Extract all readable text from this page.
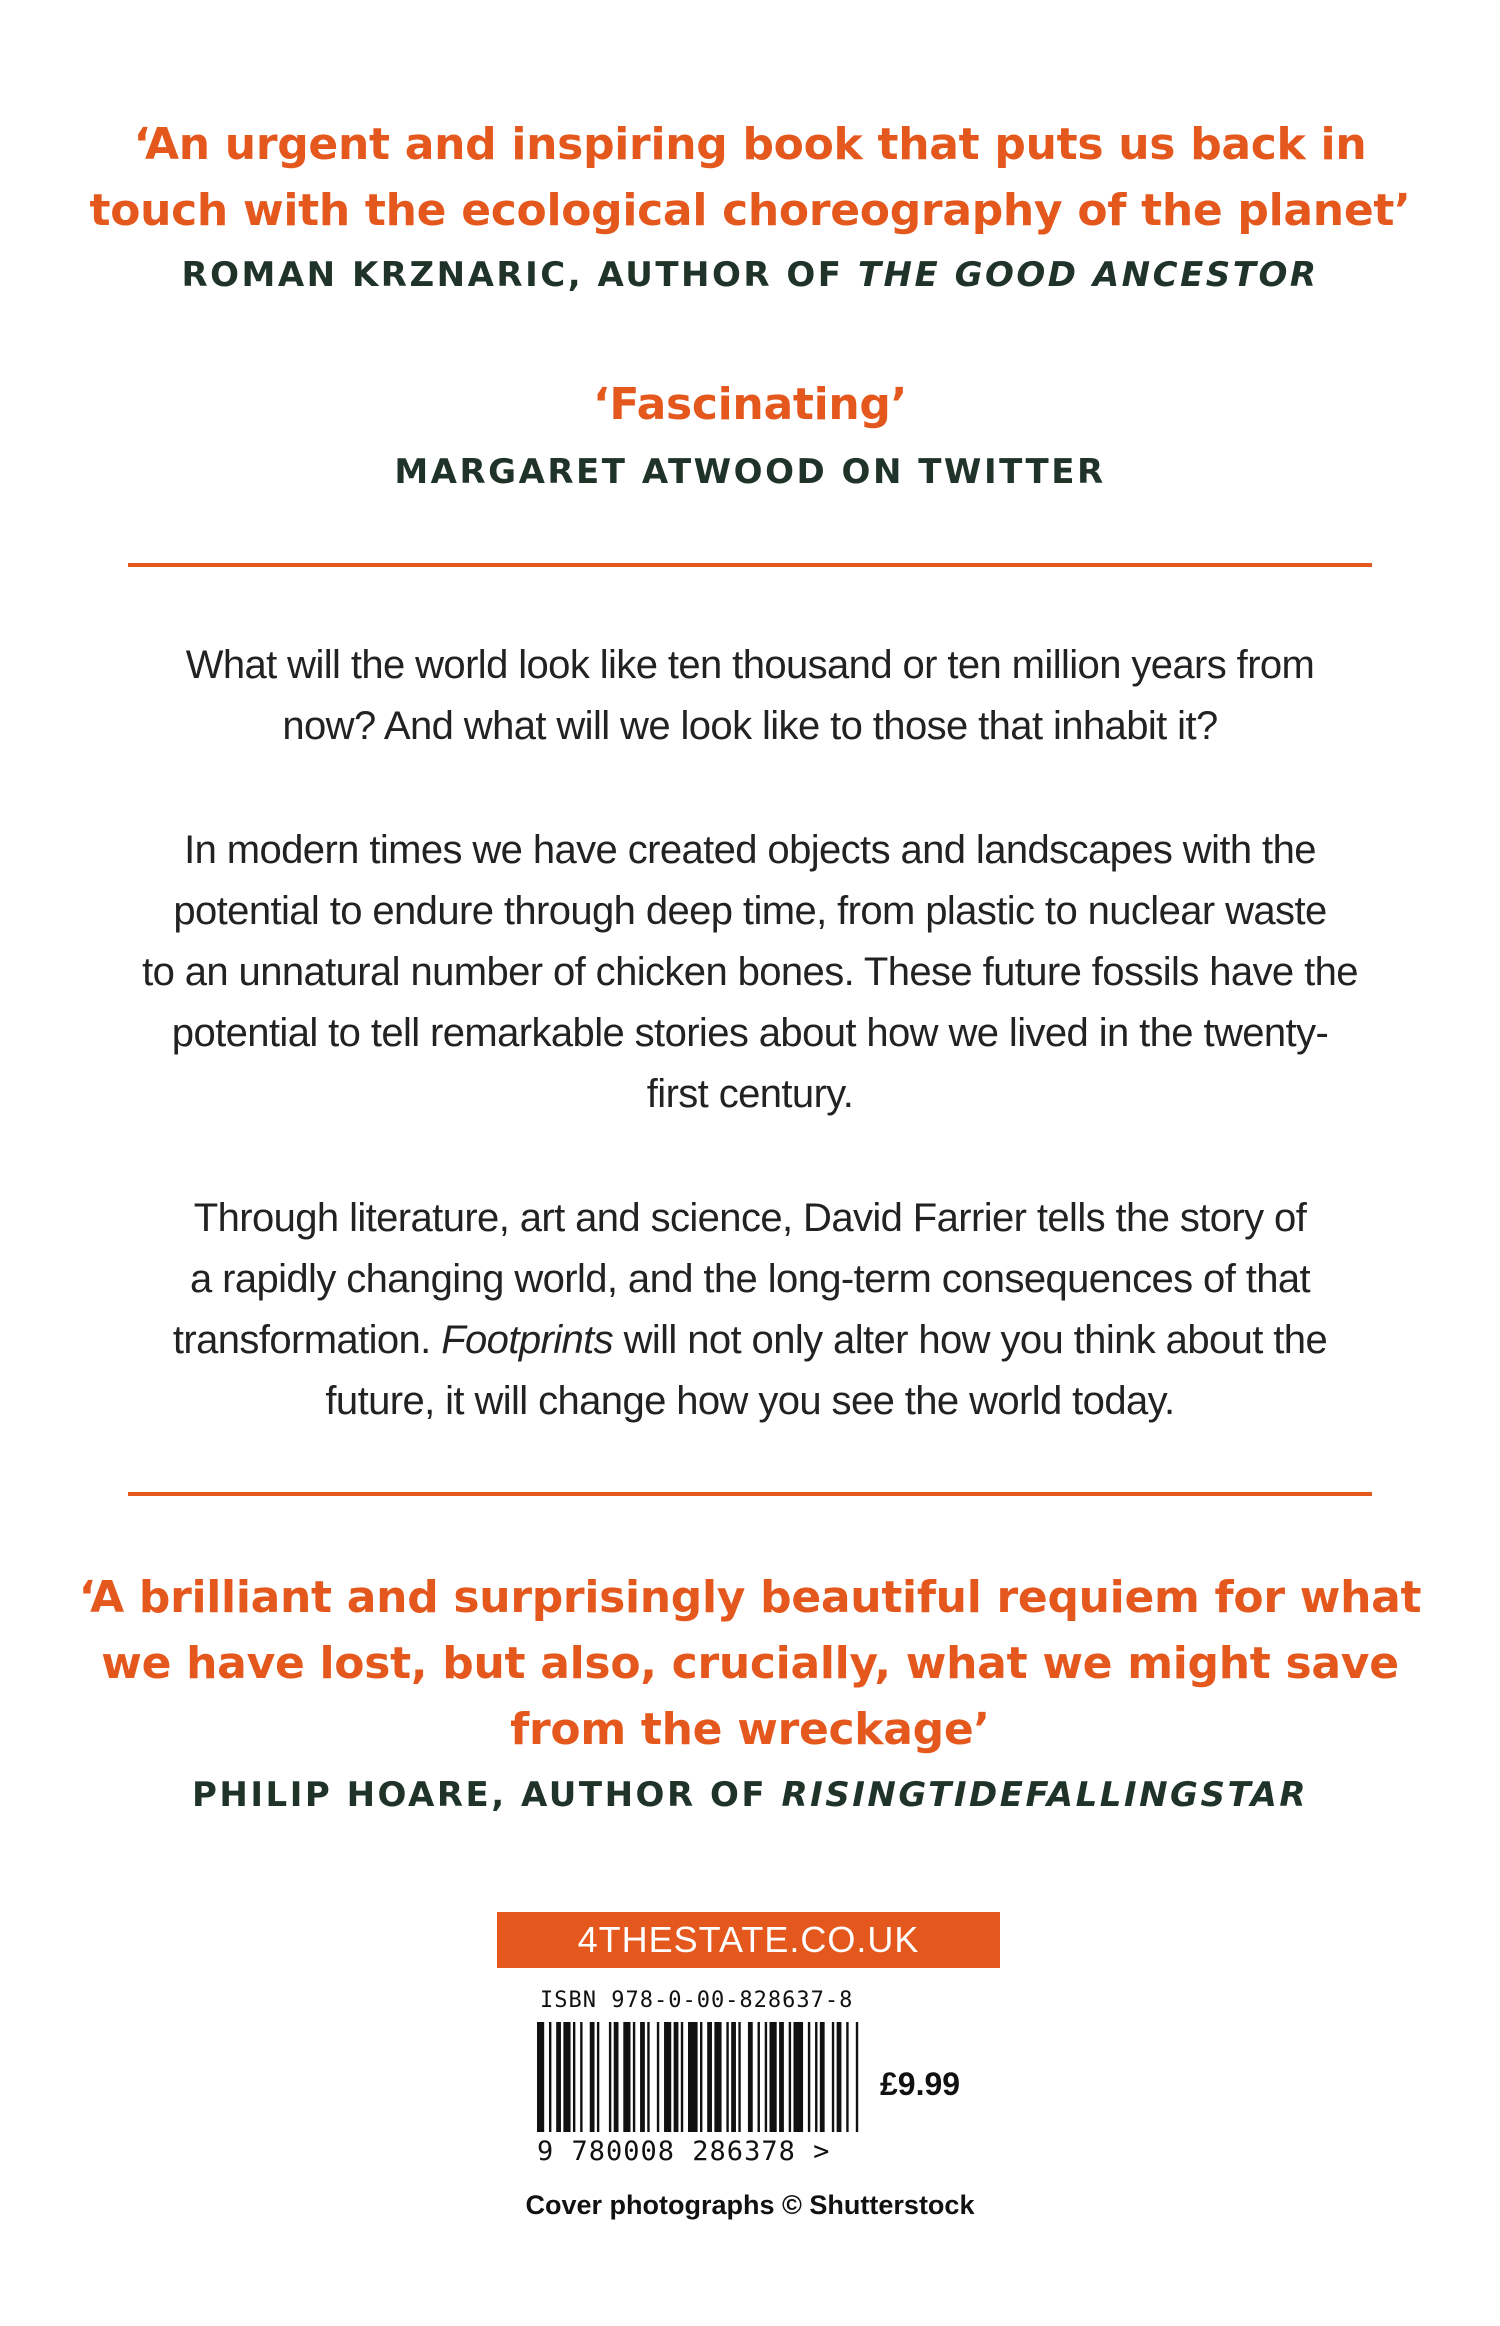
‘An urgent and inspiring book that puts us back in
touch with the ecological choreography of the planet’
ROMAN KRZNARIC, AUTHOR OF THE GOOD ANCESTOR
‘Fascinating’
MARGARET ATWOOD ON TWITTER
What will the world look like ten thousand or ten million years from
now? And what will we look like to those that inhabit it?
In modern times we have created objects and landscapes with the
potential to endure through deep time, from plastic to nuclear waste
to an unnatural number of chicken bones. These future fossils have the
potential to tell remarkable stories about how we lived in the twenty-
first century.
Through literature, art and science, David Farrier tells the story of
a rapidly changing world, and the long-term consequences of that
transformation. Footprints will not only alter how you think about the
future, it will change how you see the world today.
‘A brilliant and surprisingly beautiful requiem for what
we have lost, but also, crucially, what we might save
from the wreckage’
PHILIP HOARE, AUTHOR OF RISINGTIDEFALLINGSTAR
4THESTATE.CO.UK
ISBN 978-0-00-828637-8
9 780008 286378 >
£9.99
Cover photographs © Shutterstock
